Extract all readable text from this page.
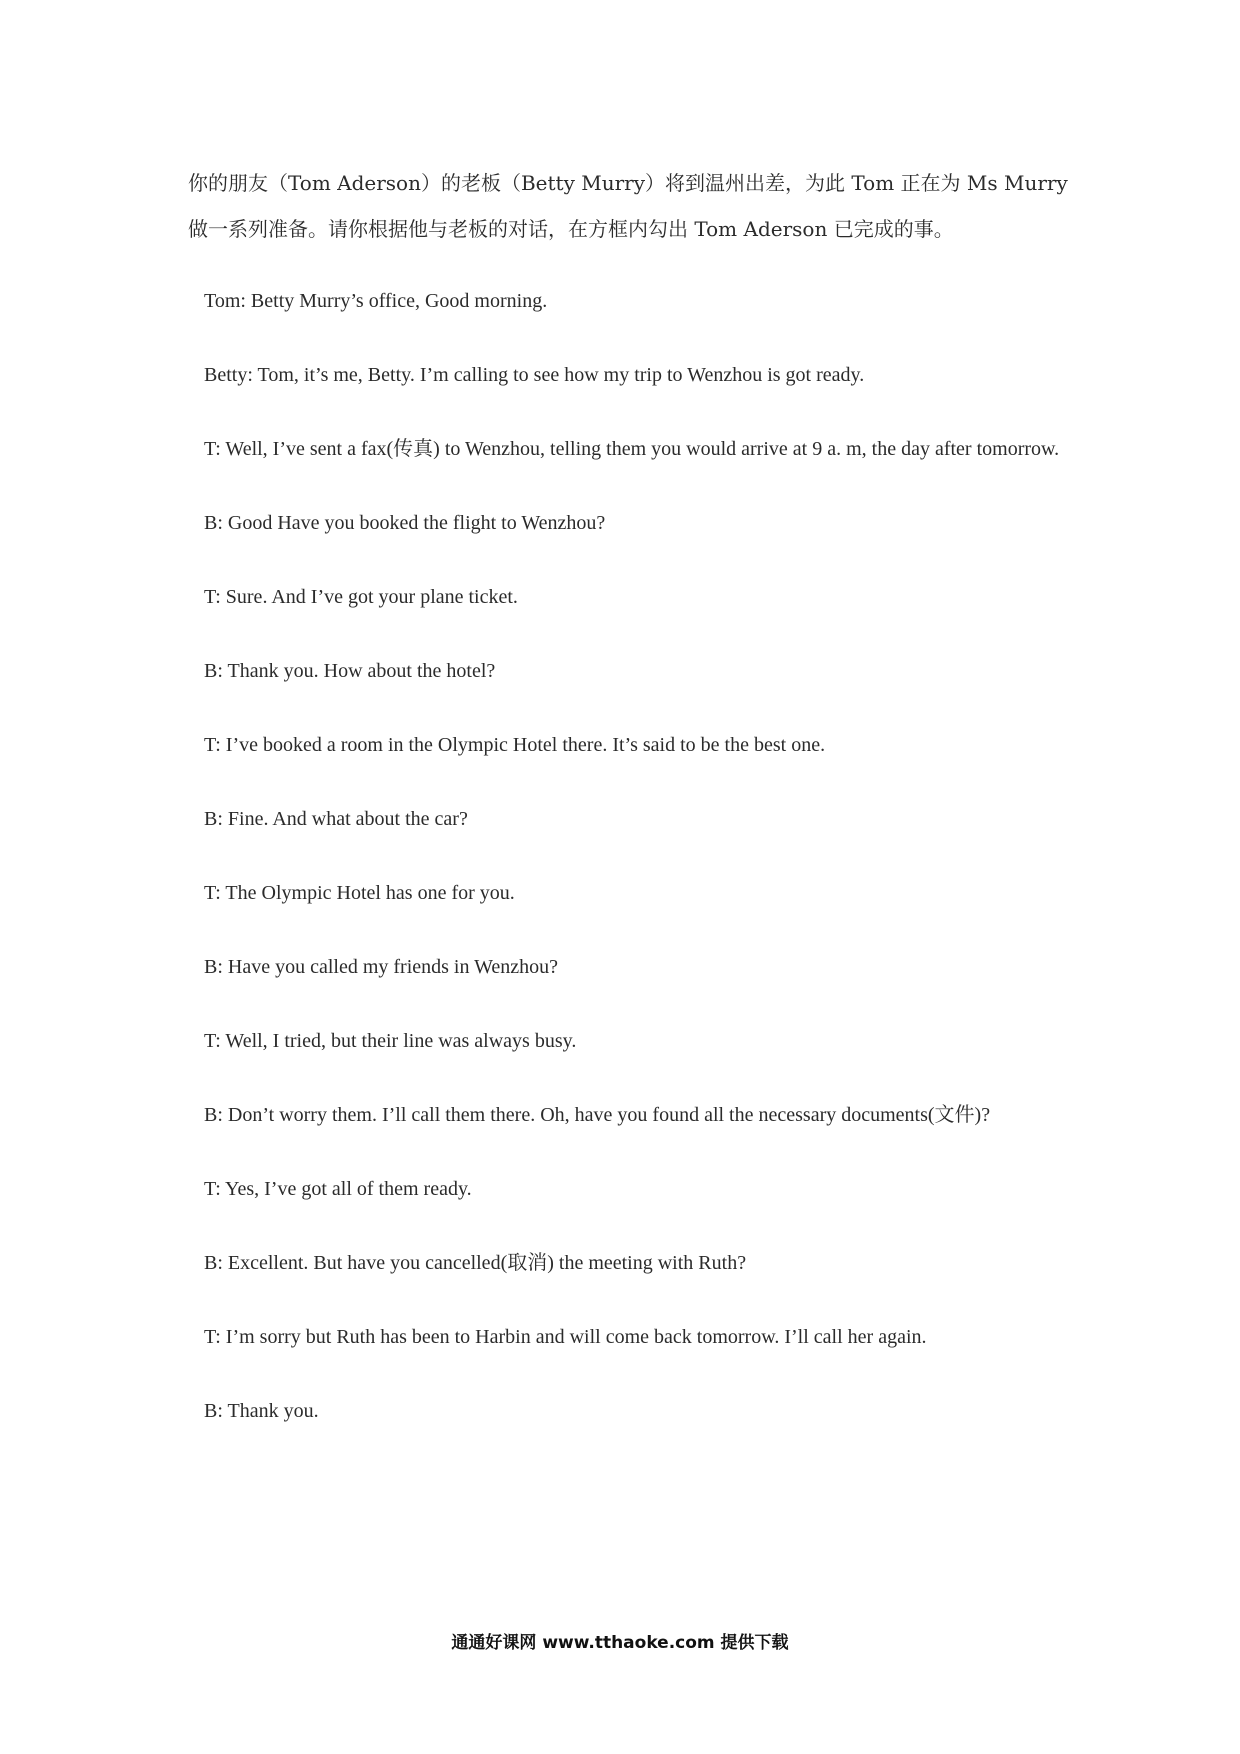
你的朋友（Tom Aderson）的老板（Betty Murry）将到温州出差，为此 Tom 正在为 Ms Murry

做一系列准备。请你根据他与老板的对话，在方框内勾出 Tom Aderson 已完成的事。

Tom: Betty Murry’s office, Good morning.

Betty: Tom, it’s me, Betty. I’m calling to see how my trip to Wenzhou is got ready.

T: Well, I’ve sent a fax(传真) to Wenzhou, telling them you would arrive at 9 a. m, the day after tomorrow.

B: Good Have you booked the flight to Wenzhou?

T: Sure. And I’ve got your plane ticket.

B: Thank you. How about the hotel?

T: I’ve booked a room in the Olympic Hotel there. It’s said to be the best one.

B: Fine. And what about the car?

T: The Olympic Hotel has one for you.

B: Have you called my friends in Wenzhou?

T: Well, I tried, but their line was always busy.

B: Don’t worry them. I’ll call them there. Oh, have you found all the necessary documents(文件)?

T: Yes, I’ve got all of them ready.

B: Excellent. But have you cancelled(取消) the meeting with Ruth?

T: I’m sorry but Ruth has been to Harbin and will come back tomorrow. I’ll call her again.

B: Thank you.

通通好课网 www.tthaoke.com 提供下载
